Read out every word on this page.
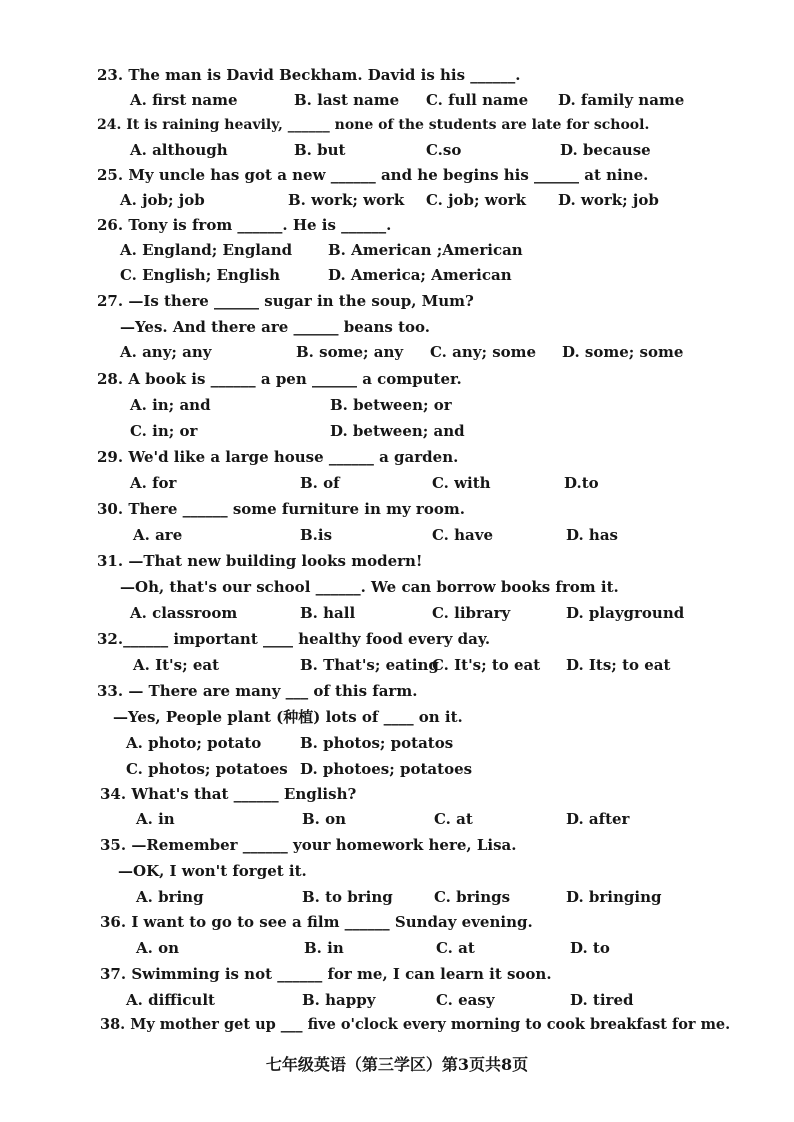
23. The man is David Beckham. David is his ______.
A. first name	B. last name C. full name D. family name
24. It is raining heavily, ______ none of the students are late for school.
A. although	B. but	C.so	D. because
25. My uncle has got a new ______ and he begins his ______ at nine.
A. job; job	B. work; work C. job; work D. work; job
26. Tony is from ______. He is ______.
A. England; England B. American ;American
C. English; English	D. America; American
27. —Is there ______ sugar in the soup, Mum?
—Yes. And there are ______ beans too.
A. any; any	B. some; any C. any; some D. some; some
28. A book is ______ a pen ______ a computer.
A. in; and	B. between; or
C. in; or	D. between; and
29. We'd like a large house ______ a garden.
A. for	B. of	C. with	D.to
30. There ______ some furniture in my room.
A. are	B.is	C. have	D. has
31. —That new building looks modern!
—Oh, that's our school ______. We can borrow books from it.
A. classroom	B. hall	C. library	D. playground
32.______ important ____ healthy food every day.
A. It's; eat	B. That's; eating
C. It's; to eat D. Its; to eat
33. — There are many ___ of this farm.
—Yes, People plant (种植) lots of ____ on it.
A. photo; potato	B. photos; potatos
C. photos; potatoes D. photoes; potatoes
34. What's that ______ English?
A. in	B. on	C. at	D. after
35. —Remember ______ your homework here, Lisa.
—OK, I won't forget it.
A. bring	B. to bring	C. brings	D. bringing
36. I want to go to see a film ______ Sunday evening.
A. on	B. in	C. at	D. to
37. Swimming is not ______ for me, I can learn it soon.
A. difficult	B. happy	C. easy	D. tired
38. My mother get up ___ five o'clock every morning to cook breakfast for me.
七年级英语（第三学区）第3页共8页
